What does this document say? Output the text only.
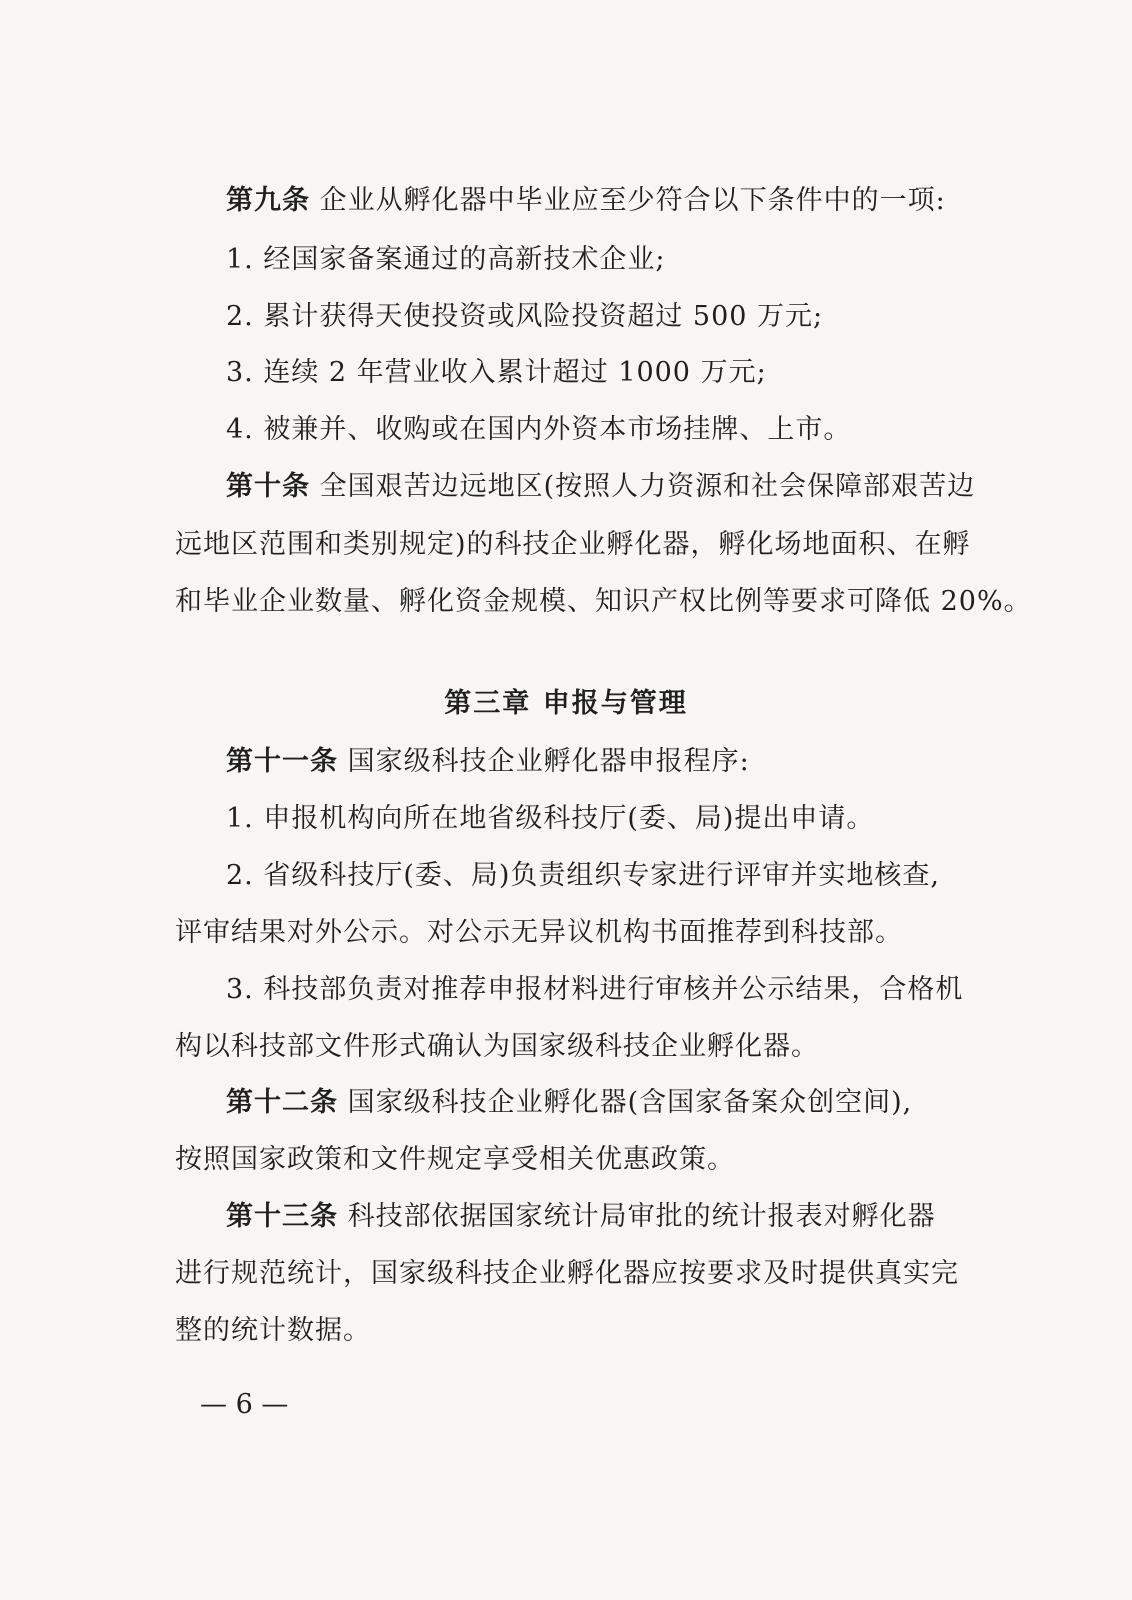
第九条 企业从孵化器中毕业应至少符合以下条件中的一项:
1. 经国家备案通过的高新技术企业;
2. 累计获得天使投资或风险投资超过 500 万元;
3. 连续 2 年营业收入累计超过 1000 万元;
4. 被兼并、收购或在国内外资本市场挂牌、上市。
第十条 全国艰苦边远地区(按照人力资源和社会保障部艰苦边
远地区范围和类别规定)的科技企业孵化器，孵化场地面积、在孵
和毕业企业数量、孵化资金规模、知识产权比例等要求可降低 20%。
第三章 申报与管理
第十一条 国家级科技企业孵化器申报程序:
1. 申报机构向所在地省级科技厅(委、局)提出申请。
2. 省级科技厅(委、局)负责组织专家进行评审并实地核查,
评审结果对外公示。对公示无异议机构书面推荐到科技部。
3. 科技部负责对推荐申报材料进行审核并公示结果，合格机
构以科技部文件形式确认为国家级科技企业孵化器。
第十二条 国家级科技企业孵化器(含国家备案众创空间),
按照国家政策和文件规定享受相关优惠政策。
第十三条 科技部依据国家统计局审批的统计报表对孵化器
进行规范统计，国家级科技企业孵化器应按要求及时提供真实完
整的统计数据。
— 6 —
